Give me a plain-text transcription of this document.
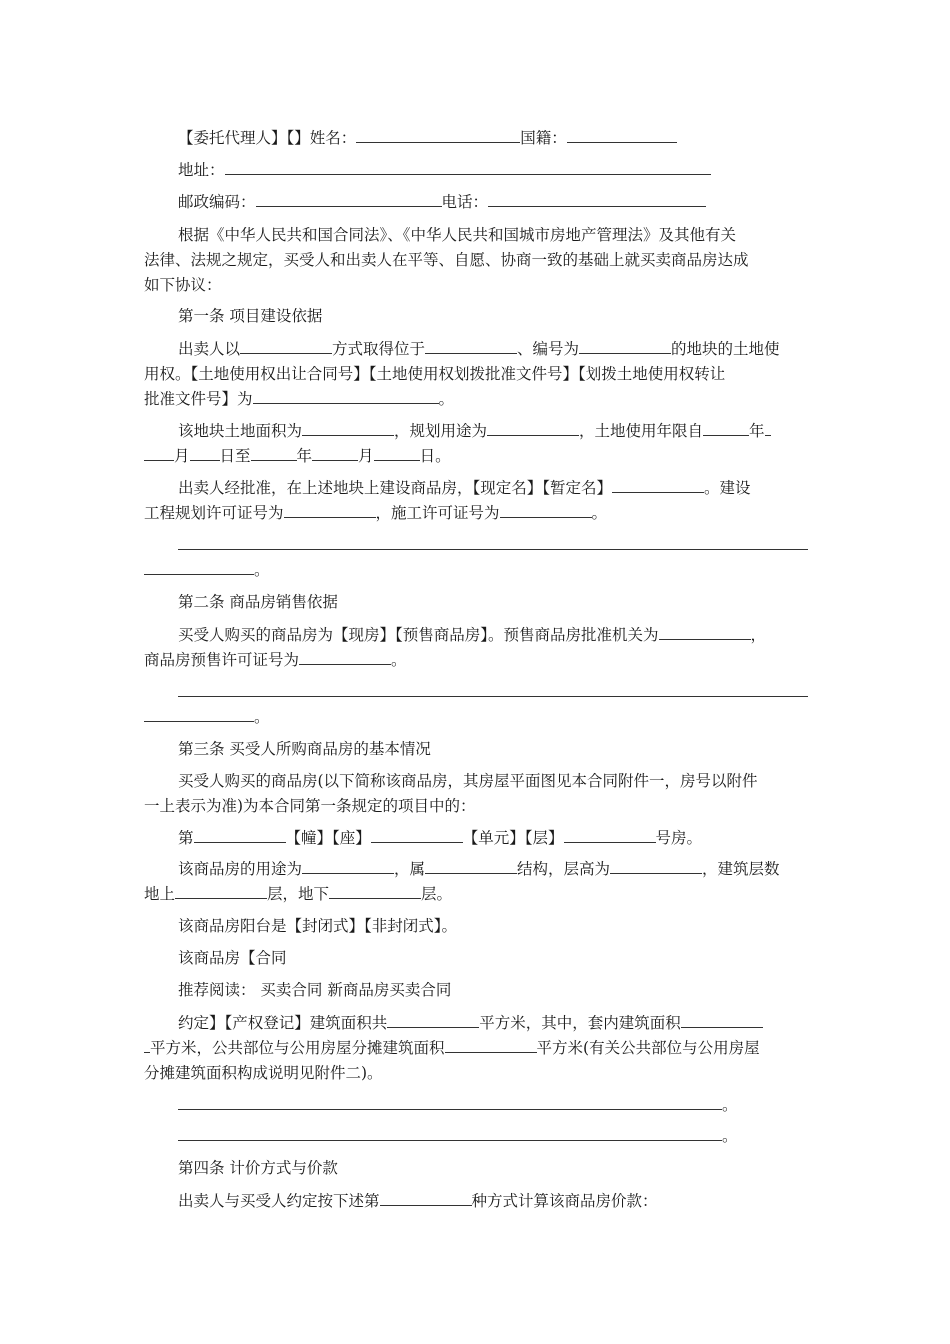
【委托代理人】【】姓名：	国籍：
地址：
邮政编码：	电话：
根据《中华人民共和国合同法》、《中华人民共和国城市房地产管理法》及其他有关
法律、法规之规定，买受人和出卖人在平等、自愿、协商一致的基础上就买卖商品房达成
如下协议：
第一条 项目建设依据
出卖人以	方式取得位于	、编号为	的地块的土地使
用权。【土地使用权出让合同号】【土地使用权划拨批准文件号】【划拨土地使用权转让
批准文件号】为	。
该地块土地面积为	，规划用途为	，土地使用年限自	年
月 日至	年	月	日。
出卖人经批准，在上述地块上建设商品房，【现定名】【暂定名】	。建设
工程规划许可证号为	，施工许可证号为	。
。
第二条 商品房销售依据
买受人购买的商品房为【现房】【预售商品房】。预售商品房批准机关为	，
商品房预售许可证号为	。
。
第三条 买受人所购商品房的基本情况
买受人购买的商品房(以下简称该商品房，其房屋平面图见本合同附件一，房号以附件
一上表示为准)为本合同第一条规定的项目中的：
第	【幢】【座】	【单元】【层】	号房。
该商品房的用途为	，属	结构，层高为	，建筑层数
地上	层，地下	层。
该商品房阳台是【封闭式】【非封闭式】。
该商品房【合同
推荐阅读： 买卖合同 新商品房买卖合同
约定】【产权登记】建筑面积共	平方米，其中，套内建筑面积
平方米，公共部位与公用房屋分摊建筑面积	平方米(有关公共部位与公用房屋
分摊建筑面积构成说明见附件二)。
。
。
第四条 计价方式与价款
出卖人与买受人约定按下述第	种方式计算该商品房价款：
